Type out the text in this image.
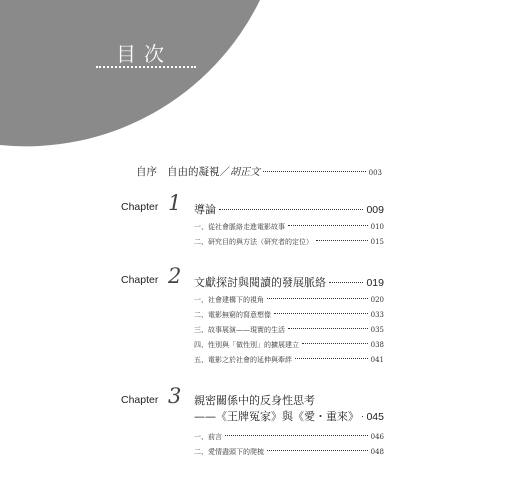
目次
自序 自由的凝視／ 胡正文	003
Chapter 1 導論	009
一、從社會脈絡走進電影故事	010
二、研究目的與方法（研究者的定位）	015
Chapter 2 文獻探討與閱讀的發展脈絡	019
一、社會建構下的視角	020
二、電影無窮的寫意想像	033
三、故事展演——現實的生活	035
四、性別與「做性別」的擴展建立	038
五、電影之於社會的延伸與牽絆	041
Chapter 3 親密關係中的反身性思考
——《王牌冤家》與《愛・重來》 045
一、前言	046
二、愛情盡頭下的爬梳	048
